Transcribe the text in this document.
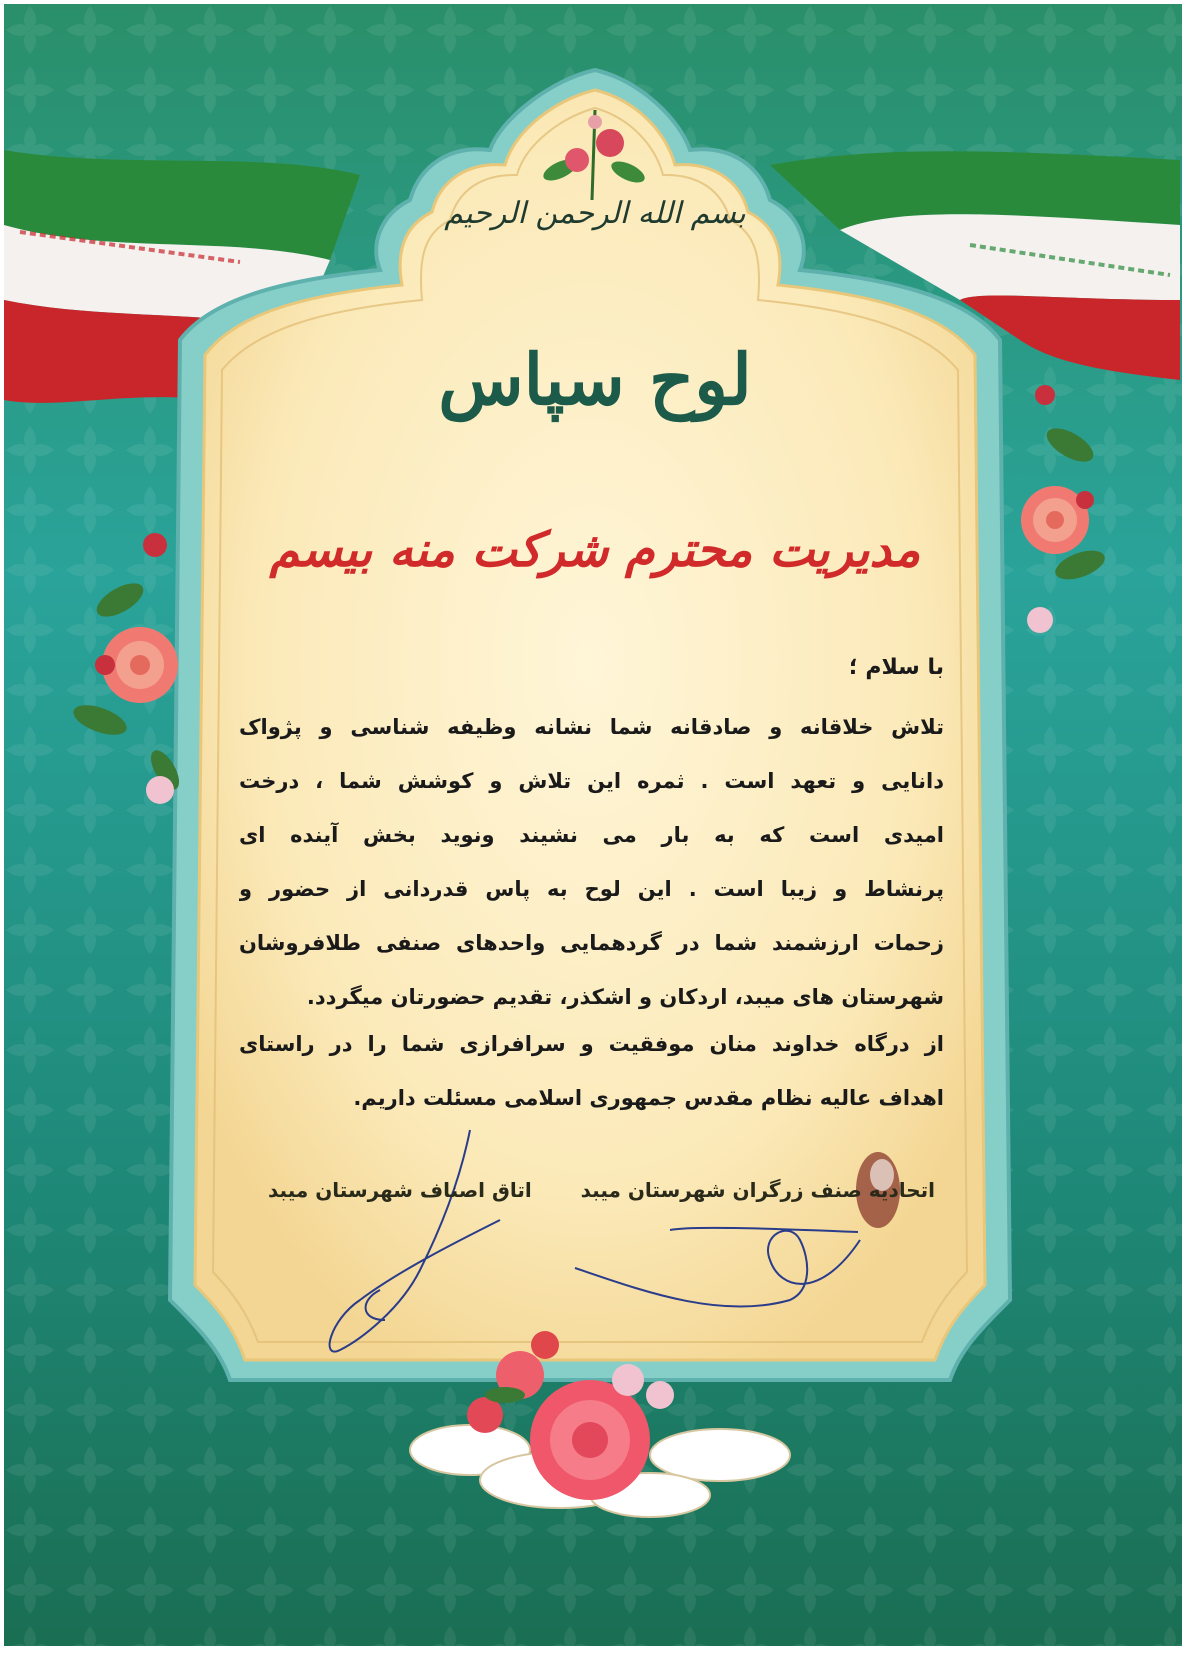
بسم الله الرحمن الرحیم
لوح سپاس
مدیریت محترم شرکت منه بیسم
با سلام ؛
تلاش خلاقانه و صادقانه شما نشانه وظیفه شناسی و پژواک
دانایی و تعهد است . ثمره این تلاش و کوشش شما ، درخت
امیدی است که به بار می نشیند ونوید بخش آینده ای
پرنشاط و زیبا است . این لوح به پاس قدردانی از حضور و
زحمات ارزشمند شما در گردهمایی واحدهای صنفی طلافروشان
شهرستان های میبد، اردکان و اشکذر، تقدیم حضورتان میگردد.
از درگاه خداوند منان موفقیت و سرافرازی شما را در راستای
اهداف عالیه نظام مقدس جمهوری اسلامی مسئلت داریم.
اتحادیه صنف زرگران شهرستان میبد
اتاق اصناف شهرستان میبد
